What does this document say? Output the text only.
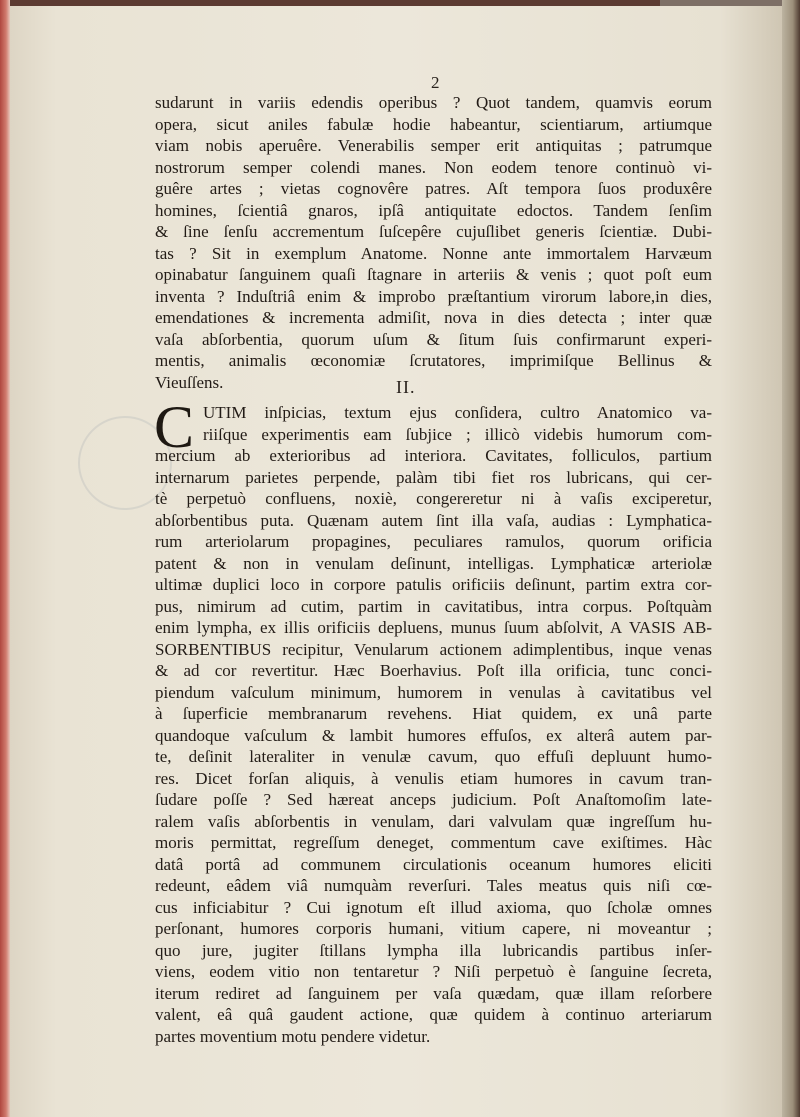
2

sudarunt in variis edendis operibus ? Quot tandem, quamvis eorum
opera, sicut aniles fabulæ hodie habeantur, scientiarum, artiumque
viam nobis aperuêre. Venerabilis semper erit antiquitas ; patrumque
nostrorum semper colendi manes. Non eodem tenore continuò vi-
guêre artes ; vietas cognovêre patres. Aſt tempora ſuos produxêre
homines, ſcientiâ gnaros, ipſâ antiquitate edoctos. Tandem ſenſim
& ſine ſenſu accrementum ſuſcepêre cujuſlibet generis ſcientiæ. Dubi-
tas ? Sit in exemplum Anatome. Nonne ante immortalem Harvæum
opinabatur ſanguinem quaſi ſtagnare in arteriis & venis ; quot poſt eum
inventa ? Induſtriâ enim & improbo præſtantium virorum labore,in dies,
emendationes & incrementa admiſit, nova in dies detecta ; inter quæ
vaſa abſorbentia, quorum uſum & ſitum ſuis confirmarunt experi-
mentis, animalis œconomiæ ſcrutatores, imprimiſque Bellinus &
Vieuſſens.	II.

C UTIM inſpicias, textum ejus conſidera, cultro Anatomico va-
riiſque experimentis eam ſubjice ; illicò videbis humorum com-
mercium ab exterioribus ad interiora. Cavitates, folliculos, partium
internarum parietes perpende, palàm tibi fiet ros lubricans, qui cer-
tè perpetuò confluens, noxiè, congereretur ni à vaſis exciperetur,
abſorbentibus puta. Quænam autem ſint illa vaſa, audias : Lymphatica-
rum arteriolarum propagines, peculiares ramulos, quorum orificia
patent & non in venulam deſinunt, intelligas. Lymphaticæ arteriolæ
ultimæ duplici loco in corpore patulis orificiis deſinunt, partim extra cor-
pus, nimirum ad cutim, partim in cavitatibus, intra corpus. Poſtquàm
enim lympha, ex illis orificiis depluens, munus ſuum abſolvit, A VASIS AB-
SORBENTIBUS recipitur, Venularum actionem adimplentibus, inque venas
& ad cor revertitur. Hæc Boerhavius. Poſt illa orificia, tunc conci-
piendum vaſculum minimum, humorem in venulas à cavitatibus vel
à ſuperficie membranarum revehens. Hiat quidem, ex unâ parte
quandoque vaſculum & lambit humores effuſos, ex alterâ autem par-
te, deſinit lateraliter in venulæ cavum, quo effuſi depluunt humo-
res. Dicet forſan aliquis, à venulis etiam humores in cavum tran-
ſudare poſſe ? Sed hæreat anceps judicium. Poſt Anaſtomoſim late-
ralem vaſis abſorbentis in venulam, dari valvulam quæ ingreſſum hu-
moris permittat, regreſſum deneget, commentum cave exiſtimes. Hàc
datâ portâ ad communem circulationis oceanum humores eliciti
redeunt, eâdem viâ numquàm reverſuri. Tales meatus quis niſi cœ-
cus inficiabitur ? Cui ignotum eſt illud axioma, quo ſcholæ omnes
perſonant, humores corporis humani, vitium capere, ni moveantur ;
quo jure, jugiter ſtillans lympha illa lubricandis partibus inſer-
viens, eodem vitio non tentaretur ? Niſi perpetuò è ſanguine ſecreta,
iterum rediret ad ſanguinem per vaſa quædam, quæ illam reſorbere
valent, eâ quâ gaudent actione, quæ quidem à continuo arteriarum
partes moventium motu pendere videtur.
